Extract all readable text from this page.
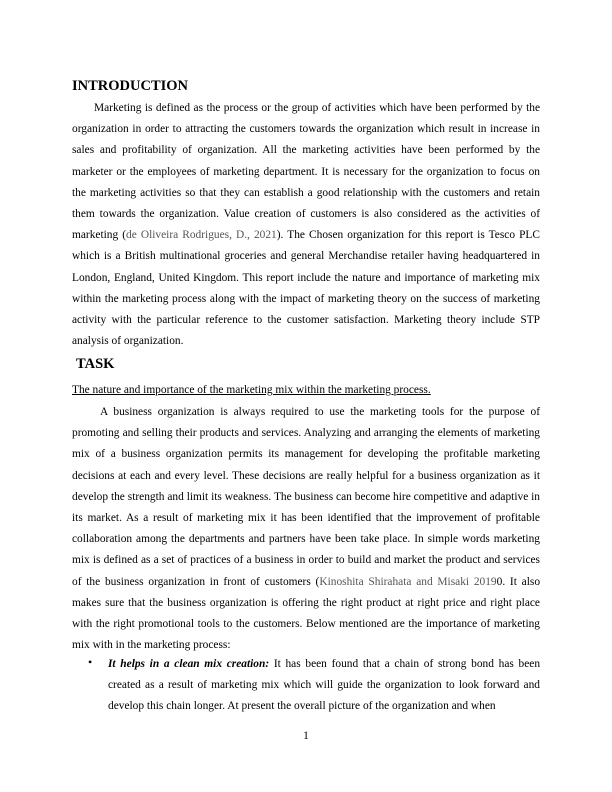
INTRODUCTION
Marketing is defined as the process or the group of activities which have been performed by the organization in order to attracting the customers towards the organization which result in increase in sales and profitability of organization. All the marketing activities have been performed by the marketer or the employees of marketing department. It is necessary for the organization to focus on the marketing activities so that they can establish a good relationship with the customers and retain them towards the organization. Value creation of customers is also considered as the activities of marketing (de Oliveira Rodrigues, D., 2021). The Chosen organization for this report is Tesco PLC which is a British multinational groceries and general Merchandise retailer having headquartered in London, England, United Kingdom. This report include the nature and importance of marketing mix within the marketing process along with the impact of marketing theory on the success of marketing activity with the particular reference to the customer satisfaction. Marketing theory include STP analysis of organization.
TASK
The nature and importance of the marketing mix within the marketing process.
A business organization is always required to use the marketing tools for the purpose of promoting and selling their products and services. Analyzing and arranging the elements of marketing mix of a business organization permits its management for developing the profitable marketing decisions at each and every level. These decisions are really helpful for a business organization as it develop the strength and limit its weakness. The business can become hire competitive and adaptive in its market. As a result of marketing mix it has been identified that the improvement of profitable collaboration among the departments and partners have been take place. In simple words marketing mix is defined as a set of practices of a business in order to build and market the product and services of the business organization in front of customers (Kinoshita Shirahata and Misaki 20190. It also makes sure that the business organization is offering the right product at right price and right place with the right promotional tools to the customers. Below mentioned are the importance of marketing mix with in the marketing process:
• It helps in a clean mix creation: It has been found that a chain of strong bond has been created as a result of marketing mix which will guide the organization to look forward and develop this chain longer. At present the overall picture of the organization and when
1
